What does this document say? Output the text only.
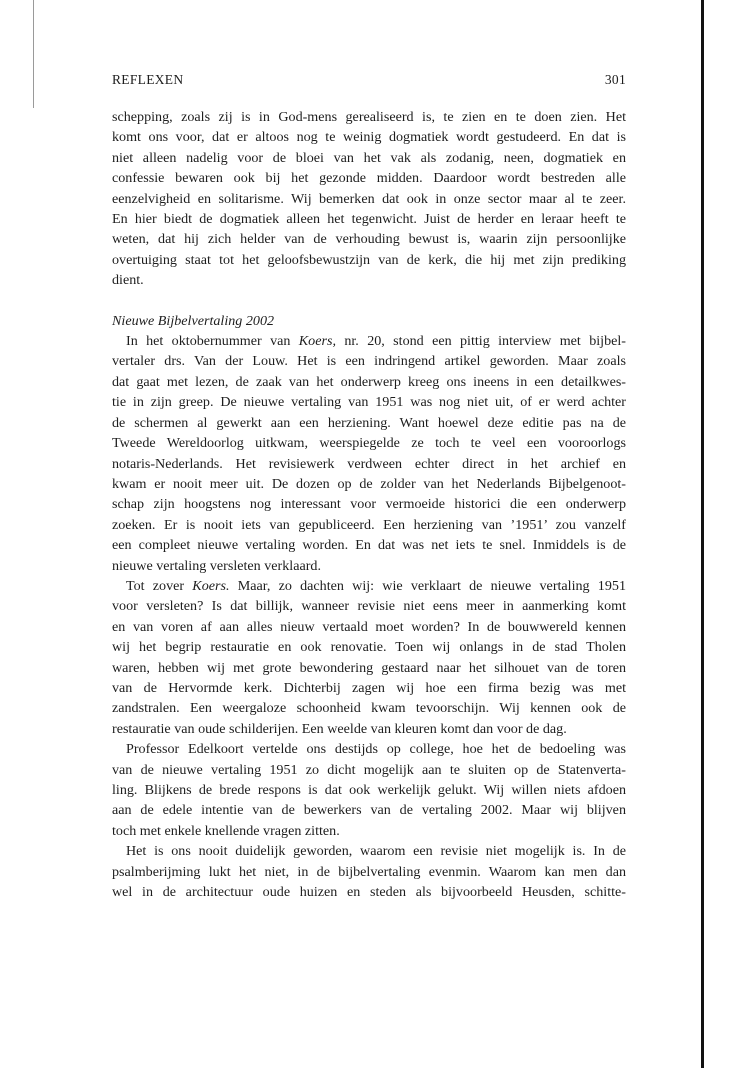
REFLEXEN	301

schepping, zoals zij is in God-mens gerealiseerd is, te zien en te doen zien. Het
komt ons voor, dat er altoos nog te weinig dogmatiek wordt gestudeerd. En dat is
niet alleen nadelig voor de bloei van het vak als zodanig, neen, dogmatiek en
confessie bewaren ook bij het gezonde midden. Daardoor wordt bestreden alle
eenzelvigheid en solitarisme. Wij bemerken dat ook in onze sector maar al te zeer.
En hier biedt de dogmatiek alleen het tegenwicht. Juist de herder en leraar heeft te
weten, dat hij zich helder van de verhouding bewust is, waarin zijn persoonlijke
overtuiging staat tot het geloofsbewustzijn van de kerk, die hij met zijn prediking
dient.

Nieuwe Bijbelvertaling 2002

In het oktobernummer van Koers, nr. 20, stond een pittig interview met bijbel-
vertaler drs. Van der Louw. Het is een indringend artikel geworden. Maar zoals
dat gaat met lezen, de zaak van het onderwerp kreeg ons ineens in een detailkwes-
tie in zijn greep. De nieuwe vertaling van 1951 was nog niet uit, of er werd achter
de schermen al gewerkt aan een herziening. Want hoewel deze editie pas na de
Tweede Wereldoorlog uitkwam, weerspiegelde ze toch te veel een vooroorlogs
notaris-Nederlands. Het revisiewerk verdween echter direct in het archief en
kwam er nooit meer uit. De dozen op de zolder van het Nederlands Bijbelgenoot-
schap zijn hoogstens nog interessant voor vermoeide historici die een onderwerp
zoeken. Er is nooit iets van gepubliceerd. Een herziening van ’1951’ zou vanzelf
een compleet nieuwe vertaling worden. En dat was net iets te snel. Inmiddels is de
nieuwe vertaling versleten verklaard.

Tot zover Koers. Maar, zo dachten wij: wie verklaart de nieuwe vertaling 1951
voor versleten? Is dat billijk, wanneer revisie niet eens meer in aanmerking komt
en van voren af aan alles nieuw vertaald moet worden? In de bouwwereld kennen
wij het begrip restauratie en ook renovatie. Toen wij onlangs in de stad Tholen
waren, hebben wij met grote bewondering gestaard naar het silhouet van de toren
van de Hervormde kerk. Dichterbij zagen wij hoe een firma bezig was met
zandstralen. Een weergaloze schoonheid kwam tevoorschijn. Wij kennen ook de
restauratie van oude schilderijen. Een weelde van kleuren komt dan voor de dag.

Professor Edelkoort vertelde ons destijds op college, hoe het de bedoeling was
van de nieuwe vertaling 1951 zo dicht mogelijk aan te sluiten op de Statenverta-
ling. Blijkens de brede respons is dat ook werkelijk gelukt. Wij willen niets afdoen
aan de edele intentie van de bewerkers van de vertaling 2002. Maar wij blijven
toch met enkele knellende vragen zitten.

Het is ons nooit duidelijk geworden, waarom een revisie niet mogelijk is. In de
psalmberijming lukt het niet, in de bijbelvertaling evenmin. Waarom kan men dan
wel in de architectuur oude huizen en steden als bijvoorbeeld Heusden, schitte-
